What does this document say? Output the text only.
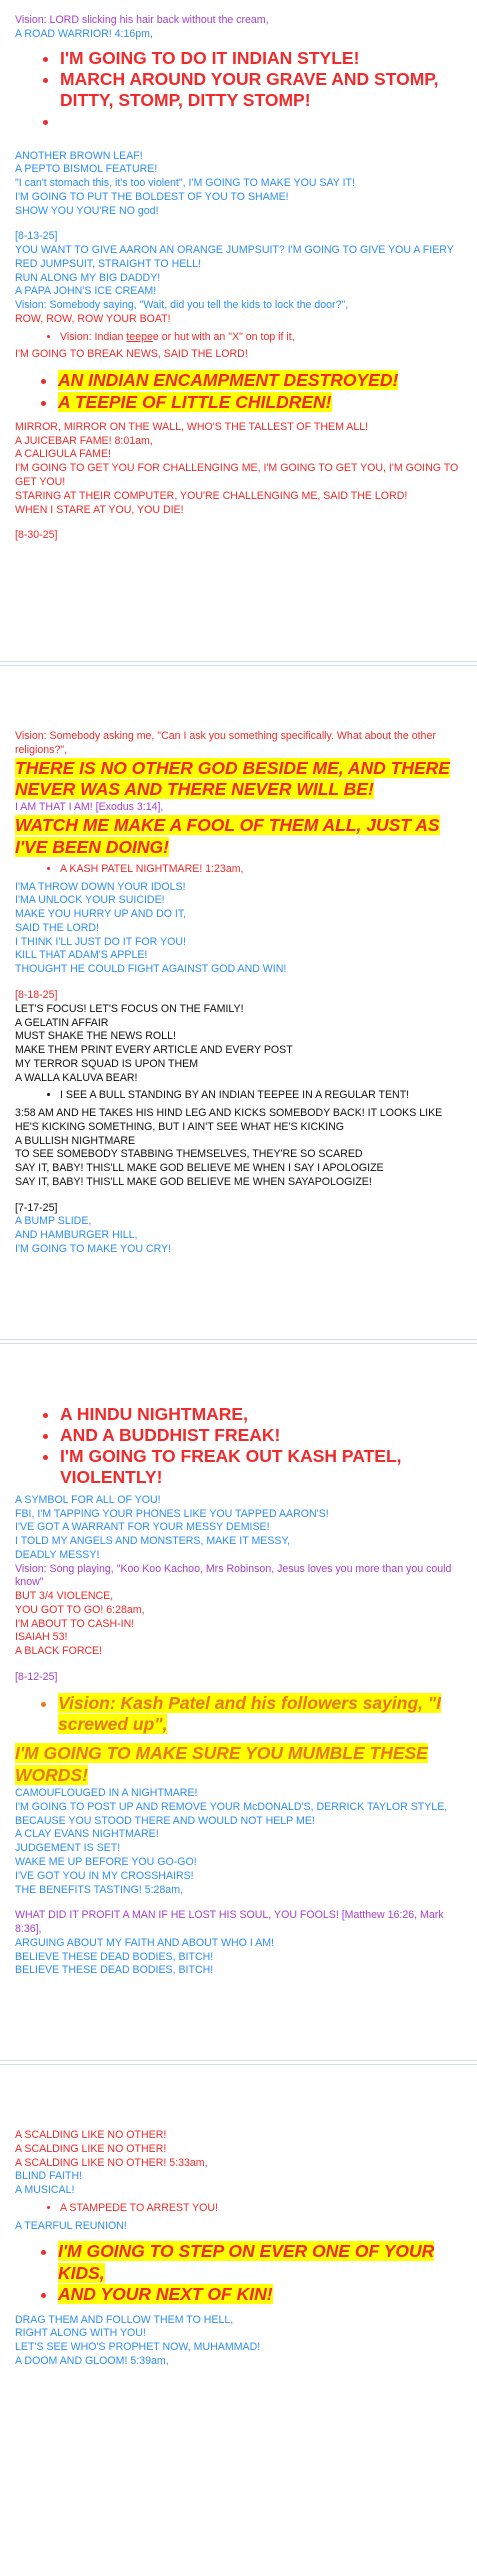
Vision: LORD slicking his hair back without the cream,

A ROAD WARRIOR! 4:16pm,

• I'M GOING TO DO IT INDIAN STYLE!
• MARCH AROUND YOUR GRAVE AND STOMP, DITTY, STOMP, DITTY STOMP!
•

ANOTHER BROWN LEAF!

A PEPTO BISMOL FEATURE!

"I can't stomach this, it's too violent", I'M GOING TO MAKE YOU SAY IT!

I'M GOING TO PUT THE BOLDEST OF YOU TO SHAME!

SHOW YOU YOU'RE NO god!

[8-13-25]

YOU WANT TO GIVE AARON AN ORANGE JUMPSUIT? I'M GOING TO GIVE YOU A FIERY RED JUMPSUIT, STRAIGHT TO HELL!

RUN ALONG MY BIG DADDY!

A PAPA JOHN'S ICE CREAM!

Vision: Somebody saying, "Wait, did you tell the kids to lock the door?",

ROW, ROW, ROW YOUR BOAT!

• Vision: Indian teepee or hut with an "X" on top if it,

I'M GOING TO BREAK NEWS, SAID THE LORD!

• AN INDIAN ENCAMPMENT DESTROYED!
• A TEEPIE OF LITTLE CHILDREN!

MIRROR, MIRROR ON THE WALL, WHO'S THE TALLEST OF THEM ALL!

A JUICEBAR FAME! 8:01am,

A CALIGULA FAME!

I'M GOING TO GET YOU FOR CHALLENGING ME, I'M GOING TO GET YOU, I'M GOING TO GET YOU!

STARING AT THEIR COMPUTER, YOU'RE CHALLENGING ME, SAID THE LORD!

WHEN I STARE AT YOU, YOU DIE!

[8-30-25]

Vision: Somebody asking me, "Can I ask you something specifically. What about the other religions?",

THERE IS NO OTHER GOD BESIDE ME, AND THERE NEVER WAS AND THERE NEVER WILL BE!

I AM THAT I AM! [Exodus 3:14],

WATCH ME MAKE A FOOL OF THEM ALL, JUST AS I'VE BEEN DOING!

• A KASH PATEL NIGHTMARE! 1:23am,

I'MA THROW DOWN YOUR IDOLS!

I'MA UNLOCK YOUR SUICIDE!

MAKE YOU HURRY UP AND DO IT,

SAID THE LORD!

I THINK I'LL JUST DO IT FOR YOU!

KILL THAT ADAM'S APPLE!

THOUGHT HE COULD FIGHT AGAINST GOD AND WIN!

[8-18-25]

LET'S FOCUS! LET'S FOCUS ON THE FAMILY!

A GELATIN AFFAIR

MUST SHAKE THE NEWS ROLL!

MAKE THEM PRINT EVERY ARTICLE AND EVERY POST

MY TERROR SQUAD IS UPON THEM

A WALLA KALUVA BEAR!

• I SEE A BULL STANDING BY AN INDIAN TEEPEE IN A REGULAR TENT!

3:58 AM AND HE TAKES HIS HIND LEG AND KICKS SOMEBODY BACK! IT LOOKS LIKE HE'S KICKING SOMETHING, BUT I AIN'T SEE WHAT HE'S KICKING

A BULLISH NIGHTMARE

TO SEE SOMEBODY STABBING THEMSELVES, THEY'RE SO SCARED

SAY IT, BABY! THIS'LL MAKE GOD BELIEVE ME WHEN I SAY I APOLOGIZE

SAY IT, BABY! THIS'LL MAKE GOD BELIEVE ME WHEN SAYAPOLOGIZE!

[7-17-25]

A BUMP SLIDE,

AND HAMBURGER HILL,

I'M GOING TO MAKE YOU CRY!

• A HINDU NIGHTMARE,
• AND A BUDDHIST FREAK!
• I'M GOING TO FREAK OUT KASH PATEL, VIOLENTLY!

A SYMBOL FOR ALL OF YOU!

FBI, I'M TAPPING YOUR PHONES LIKE YOU TAPPED AARON'S!

I'VE GOT A WARRANT FOR YOUR MESSY DEMISE!

I TOLD MY ANGELS AND MONSTERS, MAKE IT MESSY,

DEADLY MESSY!

Vision: Song playing, "Koo Koo Kachoo, Mrs Robinson, Jesus loves you more than you could know"

BUT 3/4 VIOLENCE,

YOU GOT TO GO! 6:28am,

I'M ABOUT TO CASH-IN!

ISAIAH 53!

A BLACK FORCE!

[8-12-25]

• Vision: Kash Patel and his followers saying, "I screwed up",

I'M GOING TO MAKE SURE YOU MUMBLE THESE WORDS!

CAMOUFLOUGED IN A NIGHTMARE!

I'M GOING TO POST UP AND REMOVE YOUR McDONALD'S, DERRICK TAYLOR STYLE,

BECAUSE YOU STOOD THERE AND WOULD NOT HELP ME!

A CLAY EVANS NIGHTMARE!

JUDGEMENT IS SET!

WAKE ME UP BEFORE YOU GO-GO!

I'VE GOT YOU IN MY CROSSHAIRS!

THE BENEFITS TASTING! 5:28am,

WHAT DID IT PROFIT A MAN IF HE LOST HIS SOUL, YOU FOOLS! [Matthew 16:26, Mark 8:36],

ARGUING ABOUT MY FAITH AND ABOUT WHO I AM!

BELIEVE THESE DEAD BODIES, BITCH!

BELIEVE THESE DEAD BODIES, BITCH!

A SCALDING LIKE NO OTHER!

A SCALDING LIKE NO OTHER!

A SCALDING LIKE NO OTHER! 5:33am,

BLIND FAITH!

A MUSICAL!

• A STAMPEDE TO ARREST YOU!

A TEARFUL REUNION!

• I'M GOING TO STEP ON EVER ONE OF YOUR KIDS,
• AND YOUR NEXT OF KIN!

DRAG THEM AND FOLLOW THEM TO HELL,

RIGHT ALONG WITH YOU!

LET'S SEE WHO'S PROPHET NOW, MUHAMMAD!

A DOOM AND GLOOM! 5:39am,
